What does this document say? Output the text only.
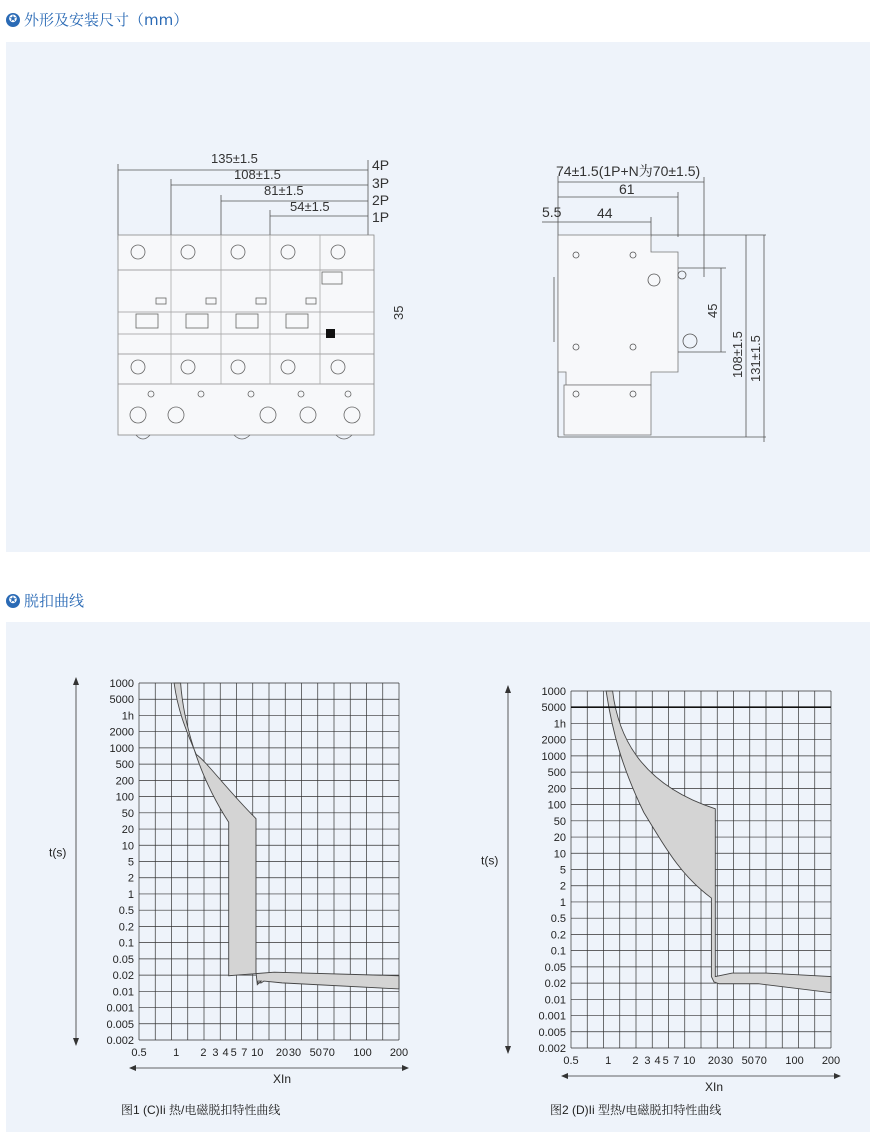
✪ 外形及安装尺寸（mm）
135±1.5
108±1.5
81±1.5
54±1.5
4P
3P
2P
1P
35
74±1.5(1P+N为70±1.5)
61
5.5	44
45
108±1.5 131±1.5
✪ 脱扣曲线
1000
5000
1h
2000
1000
500
200
100
50
20
10
5
2
1
0.5
0.2
0.1
0.05
0.02
0.01
0.001
0.005
0.002
0.5 1 2 3 4 5 7 10 20 30 50 70 100 200
t(s)
XIn
1000
5000
1h
2000
1000
500
200
100
50
20
10
5
2
1
0.5
0.2
0.1
0.05
0.02
0.01
0.001
0.005
0.002
0.5 1 2 3 4 5 7 10 20 30 50 70 100 200
t(s)
XIn
图1 (C)Ii 热/电磁脱扣特性曲线	图2 (D)Ii 型热/电磁脱扣特性曲线
